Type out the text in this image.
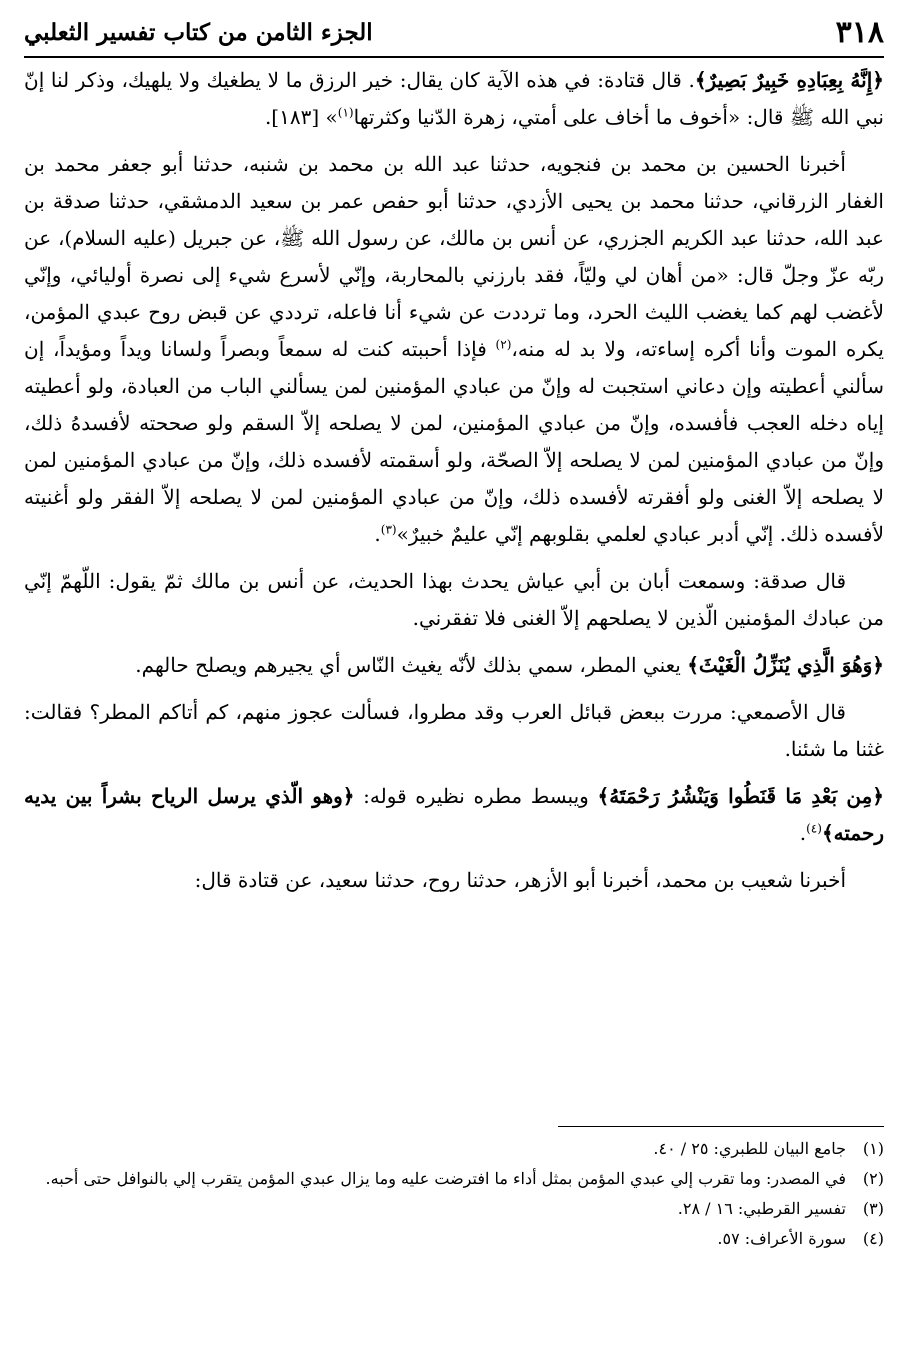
الجزء الثامن من كتاب تفسير الثعلبي	٣١٨

﴿إِنَّهُ بِعِبَادِهِ خَبِيرٌ بَصِيرٌ﴾. قال قتادة: في هذه الآية كان يقال: خير الرزق ما لا يطغيك ولا يلهيك، وذكر لنا إنّ نبي الله ﷺ قال: «أخوف ما أخاف على أمتي، زهرة الدّنيا وكثرتها$^{(١)}$» [١٨٣].

أخبرنا الحسين بن محمد بن فنجويه، حدثنا عبد الله بن محمد بن شنبه، حدثنا أبو جعفر محمد بن الغفار الزرقاني، حدثنا محمد بن يحيى الأزدي، حدثنا أبو حفص عمر بن سعيد الدمشقي، حدثنا صدقة بن عبد الله، حدثنا عبد الكريم الجزري، عن أنس بن مالك، عن رسول الله ﷺ، عن جبريل (عليه السلام)، عن ربّه عزّ وجلّ قال: «من أهان لي وليّاً، فقد بارزني بالمحاربة، وإنّي لأسرع شيء إلى نصرة أوليائي، وإنّي لأغضب لهم كما يغضب الليث الحرد، وما ترددت عن شيء أنا فاعله، ترددي عن قبض روح عبدي المؤمن، يكره الموت وأنا أكره إساءته، ولا بد له منه،$^{(٢)}$ فإذا أحببته كنت له سمعاً وبصراً ولسانا ويداً ومؤيداً، إن سألني أعطيته وإن دعاني استجبت له وإنّ من عبادي المؤمنين لمن يسألني الباب من العبادة، ولو أعطيته إياه دخله العجب فأفسده، وإنّ من عبادي المؤمنين، لمن لا يصلحه إلاّ السقم ولو صححته لأفسدهُ ذلك، وإنّ من عبادي المؤمنين لمن لا يصلحه إلاّ الصحّة، ولو أسقمته لأفسده ذلك، وإنّ من عبادي المؤمنين لمن لا يصلحه إلاّ الغنى ولو أفقرته لأفسده ذلك، وإنّ من عبادي المؤمنين لمن لا يصلحه إلاّ الفقر ولو أغنيته لأفسده ذلك. إنّي أدبر عبادي لعلمي بقلوبهم إنّي عليمٌ خبيرٌ»$^{(٣)}$.

قال صدقة: وسمعت أبان بن أبي عياش يحدث بهذا الحديث، عن أنس بن مالك ثمّ يقول: اللّهمّ إنّي من عبادك المؤمنين الّذين لا يصلحهم إلاّ الغنى فلا تفقرني.

﴿وَهُوَ الَّذِي يُنَزِّلُ الْغَيْثَ﴾ يعني المطر، سمي بذلك لأنّه يغيث النّاس أي يجيرهم ويصلح حالهم.

قال الأصمعي: مررت ببعض قبائل العرب وقد مطروا، فسألت عجوز منهم، كم أتاكم المطر؟ فقالت: غثنا ما شئنا.

﴿مِن بَعْدِ مَا قَنَطُوا وَيَنْشُرُ رَحْمَتَهُ﴾ ويبسط مطره نظيره قوله: ﴿وهو الّذي يرسل الرياح بشراً بين يديه رحمته﴾$^{(٤)}$.

أخبرنا شعيب بن محمد، أخبرنا أبو الأزهر، حدثنا روح، حدثنا سعيد، عن قتادة قال:

(١)
جامع البيان للطبري: ٢٥ / ٤٠.
(٢)
في المصدر: وما تقرب إلي عبدي المؤمن بمثل أداء ما افترضت عليه وما يزال عبدي المؤمن يتقرب إلي بالنوافل حتى أحبه.
(٣)
تفسير القرطبي: ١٦ / ٢٨.
(٤)
سورة الأعراف: ٥٧.
